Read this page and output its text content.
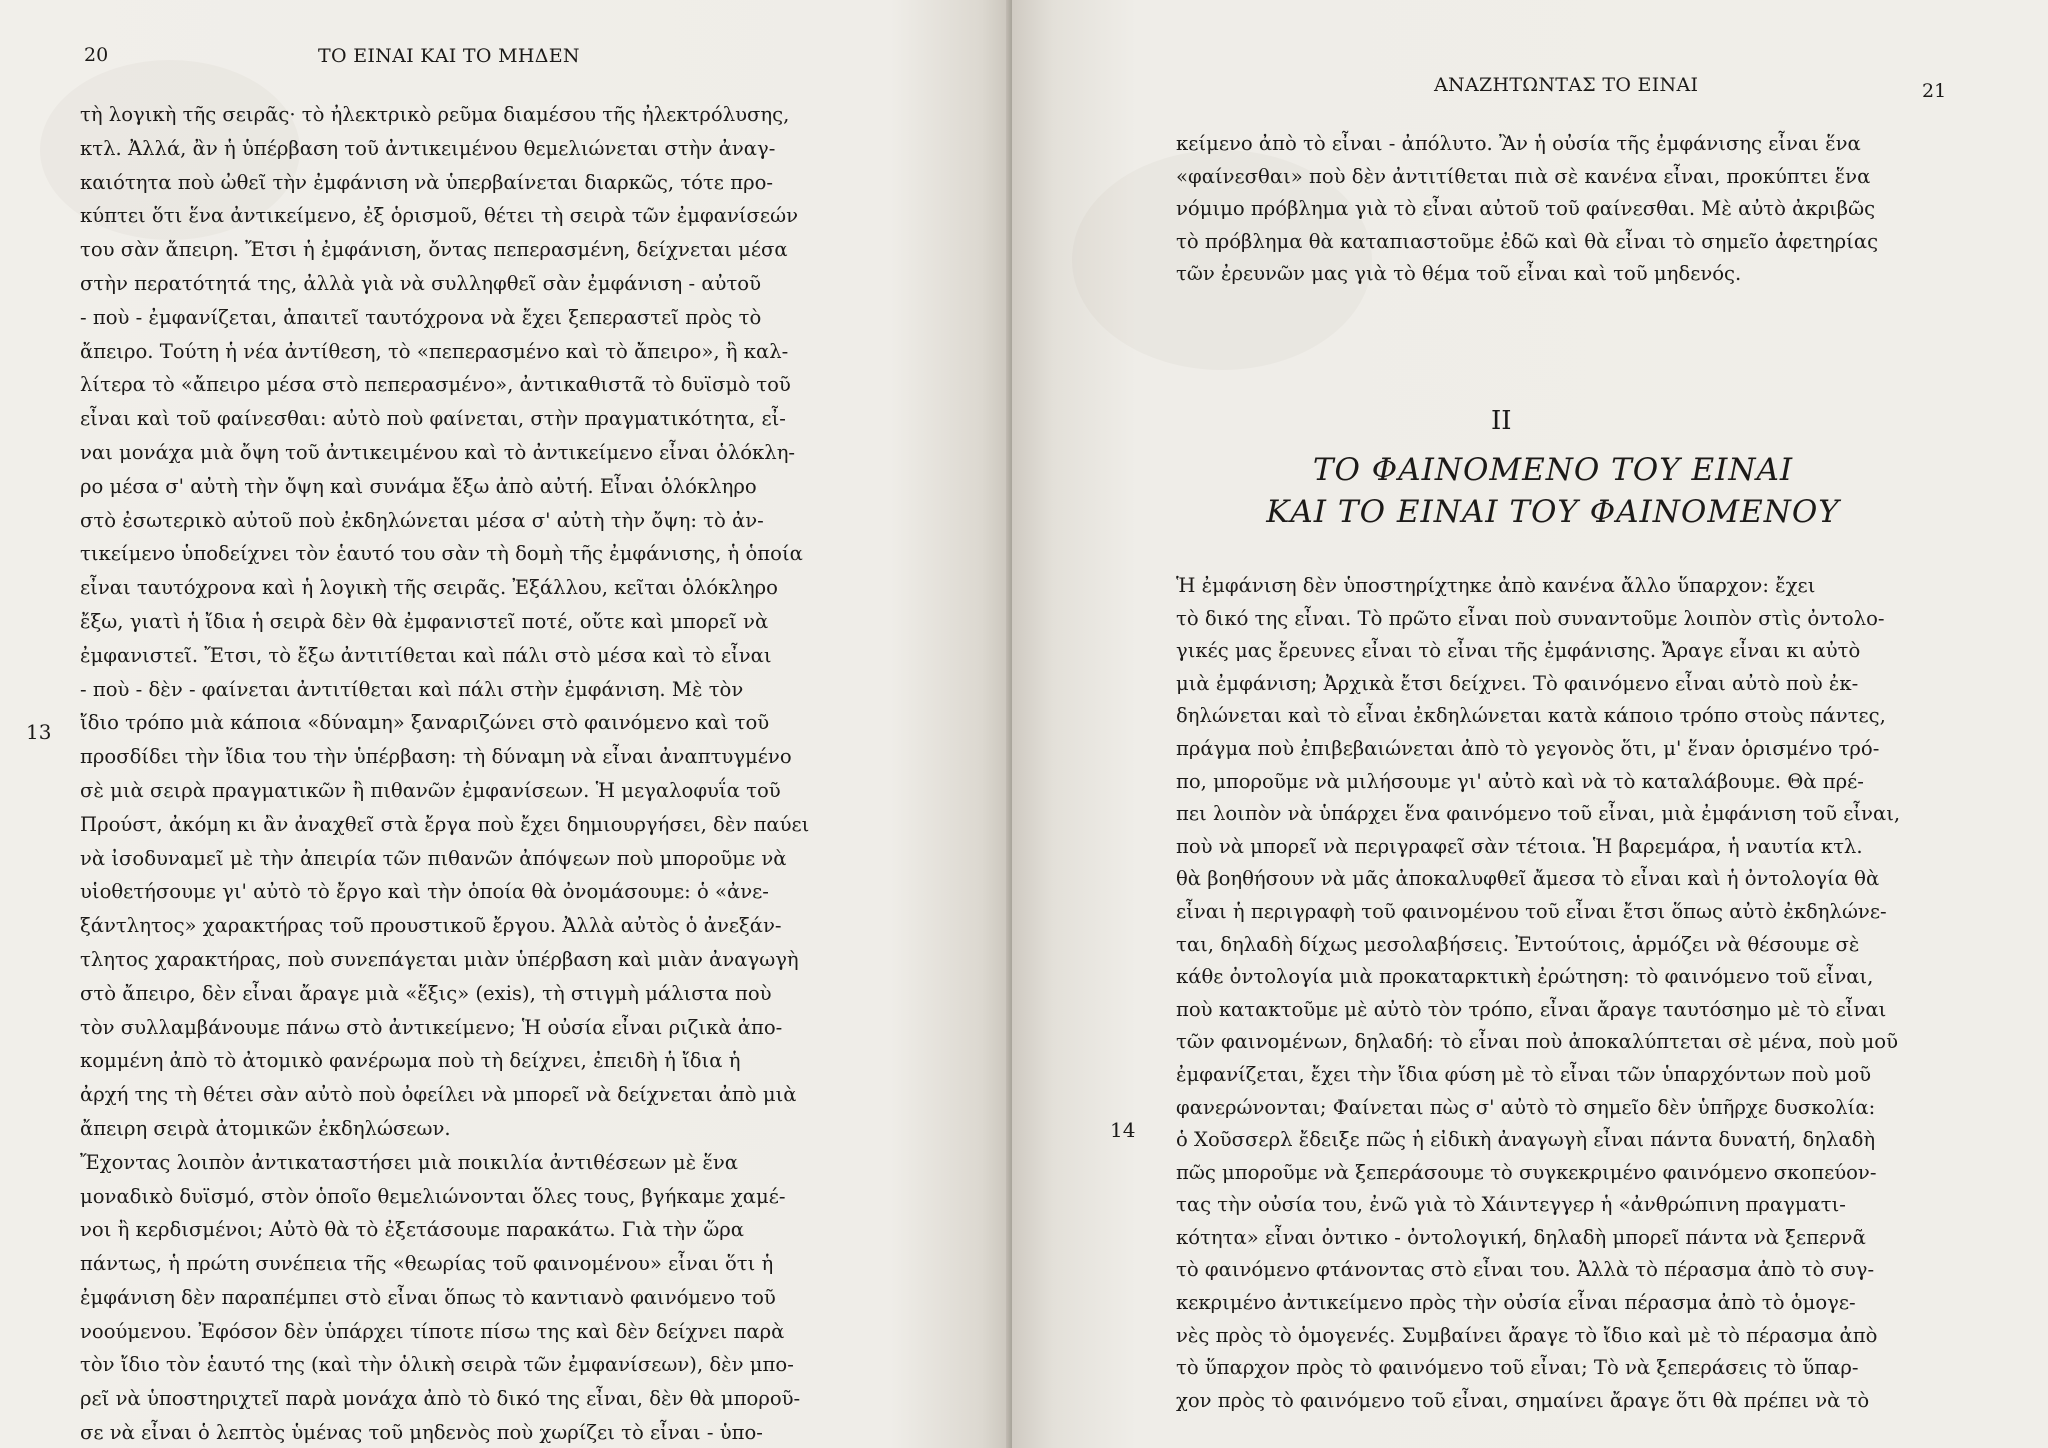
20	ΤΟ ΕΙΝΑΙ ΚΑΙ ΤΟ ΜΗΔΕΝ
13
τὴ λογικὴ τῆς σειρᾶς· τὸ ἠλεκτρικὸ ρεῦμα διαμέσου τῆς ἠλεκτρόλυσης,
κτλ. Ἀλλά, ἂν ἡ ὑπέρβαση τοῦ ἀντικειμένου θεμελιώνεται στὴν ἀναγ-
καιότητα ποὺ ὠθεῖ τὴν ἐμφάνιση νὰ ὑπερβαίνεται διαρκῶς, τότε προ-
κύπτει ὅτι ἕνα ἀντικείμενο, ἐξ ὁρισμοῦ, θέτει τὴ σειρὰ τῶν ἐμφανίσεών
του σὰν ἄπειρη. Ἔτσι ἡ ἐμφάνιση, ὄντας πεπερασμένη, δείχνεται μέσα
στὴν περατότητά της, ἀλλὰ γιὰ νὰ συλληφθεῖ σὰν ἐμφάνιση - αὐτοῦ
- ποὺ - ἐμφανίζεται, ἀπαιτεῖ ταυτόχρονα νὰ ἔχει ξεπεραστεῖ πρὸς τὸ
ἄπειρο. Τούτη ἡ νέα ἀντίθεση, τὸ «πεπερασμένο καὶ τὸ ἄπειρο», ἢ καλ-
λίτερα τὸ «ἄπειρο μέσα στὸ πεπερασμένο», ἀντικαθιστᾶ τὸ δυϊσμὸ τοῦ
εἶναι καὶ τοῦ φαίνεσθαι: αὐτὸ ποὺ φαίνεται, στὴν πραγματικότητα, εἶ-
ναι μονάχα μιὰ ὄψη τοῦ ἀντικειμένου καὶ τὸ ἀντικείμενο εἶναι ὁλόκλη-
ρο μέσα σ' αὐτὴ τὴν ὄψη καὶ συνάμα ἔξω ἀπὸ αὐτή. Εἶναι ὁλόκληρο
στὸ ἐσωτερικὸ αὐτοῦ ποὺ ἐκδηλώνεται μέσα σ' αὐτὴ τὴν ὄψη: τὸ ἀν-
τικείμενο ὑποδείχνει τὸν ἑαυτό του σὰν τὴ δομὴ τῆς ἐμφάνισης, ἡ ὁποία
εἶναι ταυτόχρονα καὶ ἡ λογικὴ τῆς σειρᾶς. Ἐξάλλου, κεῖται ὁλόκληρο
ἔξω, γιατὶ ἡ ἴδια ἡ σειρὰ δὲν θὰ ἐμφανιστεῖ ποτέ, οὔτε καὶ μπορεῖ νὰ
ἐμφανιστεῖ. Ἔτσι, τὸ ἔξω ἀντιτίθεται καὶ πάλι στὸ μέσα καὶ τὸ εἶναι
- ποὺ - δὲν - φαίνεται ἀντιτίθεται καὶ πάλι στὴν ἐμφάνιση. Μὲ τὸν
ἴδιο τρόπο μιὰ κάποια «δύναμη» ξαναριζώνει στὸ φαινόμενο καὶ τοῦ
προσδίδει τὴν ἴδια του τὴν ὑπέρβαση: τὴ δύναμη νὰ εἶναι ἀναπτυγμένο
σὲ μιὰ σειρὰ πραγματικῶν ἢ πιθανῶν ἐμφανίσεων. Ἡ μεγαλοφυΐα τοῦ
Προύστ, ἀκόμη κι ἂν ἀναχθεῖ στὰ ἔργα ποὺ ἔχει δημιουργήσει, δὲν παύει
νὰ ἰσοδυναμεῖ μὲ τὴν ἀπειρία τῶν πιθανῶν ἀπόψεων ποὺ μποροῦμε νὰ
υἱοθετήσουμε γι' αὐτὸ τὸ ἔργο καὶ τὴν ὁποία θὰ ὀνομάσουμε: ὁ «ἀνε-
ξάντλητος» χαρακτήρας τοῦ προυστικοῦ ἔργου. Ἀλλὰ αὐτὸς ὁ ἀνεξάν-
τλητος χαρακτήρας, ποὺ συνεπάγεται μιὰν ὑπέρβαση καὶ μιὰν ἀναγωγὴ
στὸ ἄπειρο, δὲν εἶναι ἄραγε μιὰ «ἕξις» (exis), τὴ στιγμὴ μάλιστα ποὺ
τὸν συλλαμβάνουμε πάνω στὸ ἀντικείμενο; Ἡ οὐσία εἶναι ριζικὰ ἀπο-
κομμένη ἀπὸ τὸ ἀτομικὸ φανέρωμα ποὺ τὴ δείχνει, ἐπειδὴ ἡ ἴδια ἡ
ἀρχή της τὴ θέτει σὰν αὐτὸ ποὺ ὀφείλει νὰ μπορεῖ νὰ δείχνεται ἀπὸ μιὰ
ἄπειρη σειρὰ ἀτομικῶν ἐκδηλώσεων.
Ἔχοντας λοιπὸν ἀντικαταστήσει μιὰ ποικιλία ἀντιθέσεων μὲ ἕνα
μοναδικὸ δυϊσμό, στὸν ὁποῖο θεμελιώνονται ὅλες τους, βγήκαμε χαμέ-
νοι ἢ κερδισμένοι; Αὐτὸ θὰ τὸ ἐξετάσουμε παρακάτω. Γιὰ τὴν ὥρα
πάντως, ἡ πρώτη συνέπεια τῆς «θεωρίας τοῦ φαινομένου» εἶναι ὅτι ἡ
ἐμφάνιση δὲν παραπέμπει στὸ εἶναι ὅπως τὸ καντιανὸ φαινόμενο τοῦ
νοούμενου. Ἐφόσον δὲν ὑπάρχει τίποτε πίσω της καὶ δὲν δείχνει παρὰ
τὸν ἴδιο τὸν ἑαυτό της (καὶ τὴν ὁλικὴ σειρὰ τῶν ἐμφανίσεων), δὲν μπο-
ρεῖ νὰ ὑποστηριχτεῖ παρὰ μονάχα ἀπὸ τὸ δικό της εἶναι, δὲν θὰ μποροῦ-
σε νὰ εἶναι ὁ λεπτὸς ὑμένας τοῦ μηδενὸς ποὺ χωρίζει τὸ εἶναι - ὑπο-
ΑΝΑΖΗΤΩΝΤΑΣ ΤΟ ΕΙΝΑΙ	21
κείμενο ἀπὸ τὸ εἶναι - ἀπόλυτο. Ἂν ἡ οὐσία τῆς ἐμφάνισης εἶναι ἕνα
«φαίνεσθαι» ποὺ δὲν ἀντιτίθεται πιὰ σὲ κανένα εἶναι, προκύπτει ἕνα
νόμιμο πρόβλημα γιὰ τὸ εἶναι αὐτοῦ τοῦ φαίνεσθαι. Μὲ αὐτὸ ἀκριβῶς
τὸ πρόβλημα θὰ καταπιαστοῦμε ἐδῶ καὶ θὰ εἶναι τὸ σημεῖο ἀφετηρίας
τῶν ἐρευνῶν μας γιὰ τὸ θέμα τοῦ εἶναι καὶ τοῦ μηδενός.
II
ΤΟ ΦΑΙΝΟΜΕΝΟ ΤΟΥ ΕΙΝΑΙ
ΚΑΙ ΤΟ ΕΙΝΑΙ ΤΟΥ ΦΑΙΝΟΜΕΝΟΥ
14
Ἡ ἐμφάνιση δὲν ὑποστηρίχτηκε ἀπὸ κανένα ἄλλο ὕπαρχον: ἔχει
τὸ δικό της εἶναι. Τὸ πρῶτο εἶναι ποὺ συναντοῦμε λοιπὸν στὶς ὀντολο-
γικές μας ἔρευνες εἶναι τὸ εἶναι τῆς ἐμφάνισης. Ἄραγε εἶναι κι αὐτὸ
μιὰ ἐμφάνιση; Ἀρχικὰ ἔτσι δείχνει. Τὸ φαινόμενο εἶναι αὐτὸ ποὺ ἐκ-
δηλώνεται καὶ τὸ εἶναι ἐκδηλώνεται κατὰ κάποιο τρόπο στοὺς πάντες,
πράγμα ποὺ ἐπιβεβαιώνεται ἀπὸ τὸ γεγονὸς ὅτι, μ' ἕναν ὁρισμένο τρό-
πο, μποροῦμε νὰ μιλήσουμε γι' αὐτὸ καὶ νὰ τὸ καταλάβουμε. Θὰ πρέ-
πει λοιπὸν νὰ ὑπάρχει ἕνα φαινόμενο τοῦ εἶναι, μιὰ ἐμφάνιση τοῦ εἶναι,
ποὺ νὰ μπορεῖ νὰ περιγραφεῖ σὰν τέτοια. Ἡ βαρεμάρα, ἡ ναυτία κτλ.
θὰ βοηθήσουν νὰ μᾶς ἀποκαλυφθεῖ ἄμεσα τὸ εἶναι καὶ ἡ ὀντολογία θὰ
εἶναι ἡ περιγραφὴ τοῦ φαινομένου τοῦ εἶναι ἔτσι ὅπως αὐτὸ ἐκδηλώνε-
ται, δηλαδὴ δίχως μεσολαβήσεις. Ἐντούτοις, ἁρμόζει νὰ θέσουμε σὲ
κάθε ὀντολογία μιὰ προκαταρκτικὴ ἐρώτηση: τὸ φαινόμενο τοῦ εἶναι,
ποὺ κατακτοῦμε μὲ αὐτὸ τὸν τρόπο, εἶναι ἄραγε ταυτόσημο μὲ τὸ εἶναι
τῶν φαινομένων, δηλαδή: τὸ εἶναι ποὺ ἀποκαλύπτεται σὲ μένα, ποὺ μοῦ
ἐμφανίζεται, ἔχει τὴν ἴδια φύση μὲ τὸ εἶναι τῶν ὑπαρχόντων ποὺ μοῦ
φανερώνονται; Φαίνεται πὼς σ' αὐτὸ τὸ σημεῖο δὲν ὑπῆρχε δυσκολία:
ὁ Χοῦσσερλ ἔδειξε πῶς ἡ εἰδικὴ ἀναγωγὴ εἶναι πάντα δυνατή, δηλαδὴ
πῶς μποροῦμε νὰ ξεπεράσουμε τὸ συγκεκριμένο φαινόμενο σκοπεύον-
τας τὴν οὐσία του, ἐνῶ γιὰ τὸ Χάιντεγγερ ἡ «ἀνθρώπινη πραγματι-
κότητα» εἶναι ὀντικο - ὀντολογική, δηλαδὴ μπορεῖ πάντα νὰ ξεπερνᾶ
τὸ φαινόμενο φτάνοντας στὸ εἶναι του. Ἀλλὰ τὸ πέρασμα ἀπὸ τὸ συγ-
κεκριμένο ἀντικείμενο πρὸς τὴν οὐσία εἶναι πέρασμα ἀπὸ τὸ ὁμογε-
νὲς πρὸς τὸ ὁμογενές. Συμβαίνει ἄραγε τὸ ἴδιο καὶ μὲ τὸ πέρασμα ἀπὸ
τὸ ὕπαρχον πρὸς τὸ φαινόμενο τοῦ εἶναι; Τὸ νὰ ξεπεράσεις τὸ ὕπαρ-
χον πρὸς τὸ φαινόμενο τοῦ εἶναι, σημαίνει ἄραγε ὅτι θὰ πρέπει νὰ τὸ
